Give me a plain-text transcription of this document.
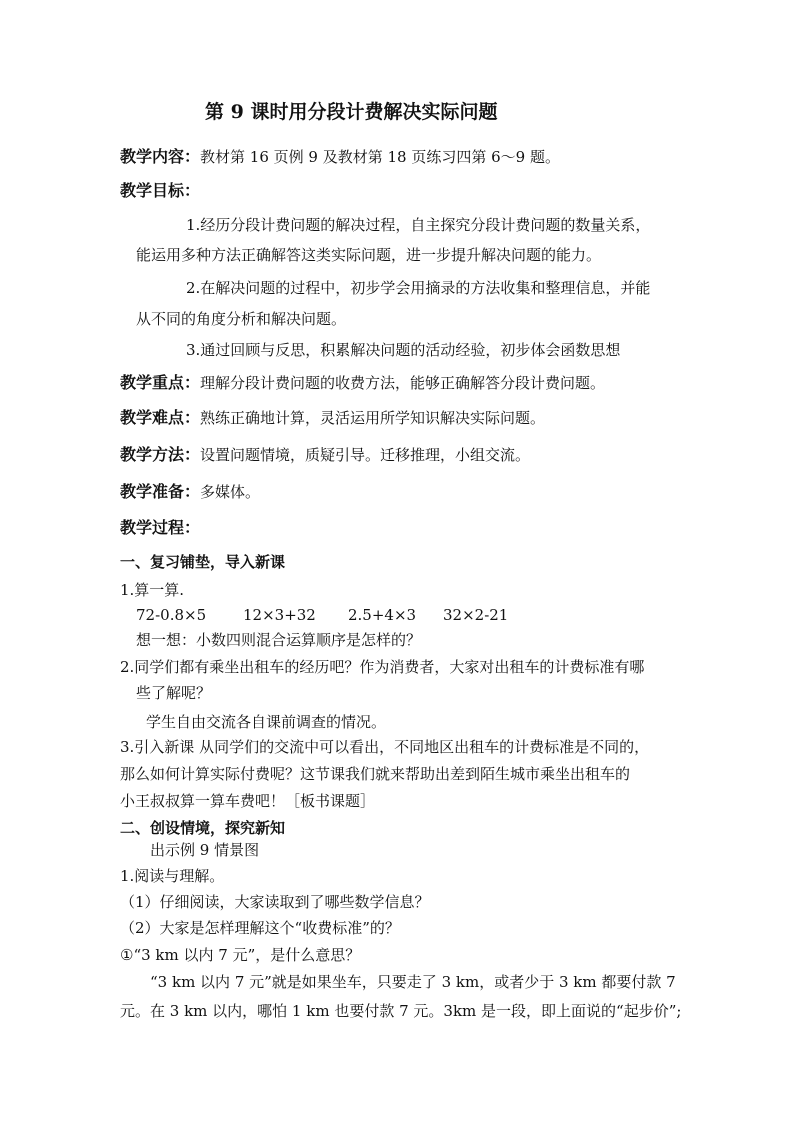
第 9 课时用分段计费解决实际问题
教学内容：教材第 16 页例 9 及教材第 18 页练习四第 6～9 题。
教学目标：
1.经历分段计费问题的解决过程，自主探究分段计费问题的数量关系，
能运用多种方法正确解答这类实际问题，进一步提升解决问题的能力。
2.在解决问题的过程中，初步学会用摘录的方法收集和整理信息，并能
从不同的角度分析和解决问题。
3.通过回顾与反思，积累解决问题的活动经验，初步体会函数思想
教学重点：理解分段计费问题的收费方法，能够正确解答分段计费问题。
教学难点：熟练正确地计算，灵活运用所学知识解决实际问题。
教学方法：设置问题情境，质疑引导。迁移推理，小组交流。
教学准备：多媒体。
教学过程：
一、复习铺垫，导入新课
1.算一算.
72-0.8×5 12×3+32 2.5+4×3 32×2-21
想一想：小数四则混合运算顺序是怎样的？
2.同学们都有乘坐出租车的经历吧？作为消费者，大家对出租车的计费标准有哪
些了解呢？
学生自由交流各自课前调查的情况。
3.引入新课 从同学们的交流中可以看出，不同地区出租车的计费标准是不同的，
那么如何计算实际付费呢？这节课我们就来帮助出差到陌生城市乘坐出租车的
小王叔叔算一算车费吧！［板书课题］
二、创设情境，探究新知
出示例 9 情景图
1.阅读与理解。
（1）仔细阅读，大家读取到了哪些数学信息？
（2）大家是怎样理解这个“收费标准”的？
①“3 km 以内 7 元”，是什么意思？
“3 km 以内 7 元”就是如果坐车，只要走了 3 km，或者少于 3 km 都要付款 7
元。在 3 km 以内，哪怕 1 km 也要付款 7 元。3km 是一段，即上面说的“起步价”;
